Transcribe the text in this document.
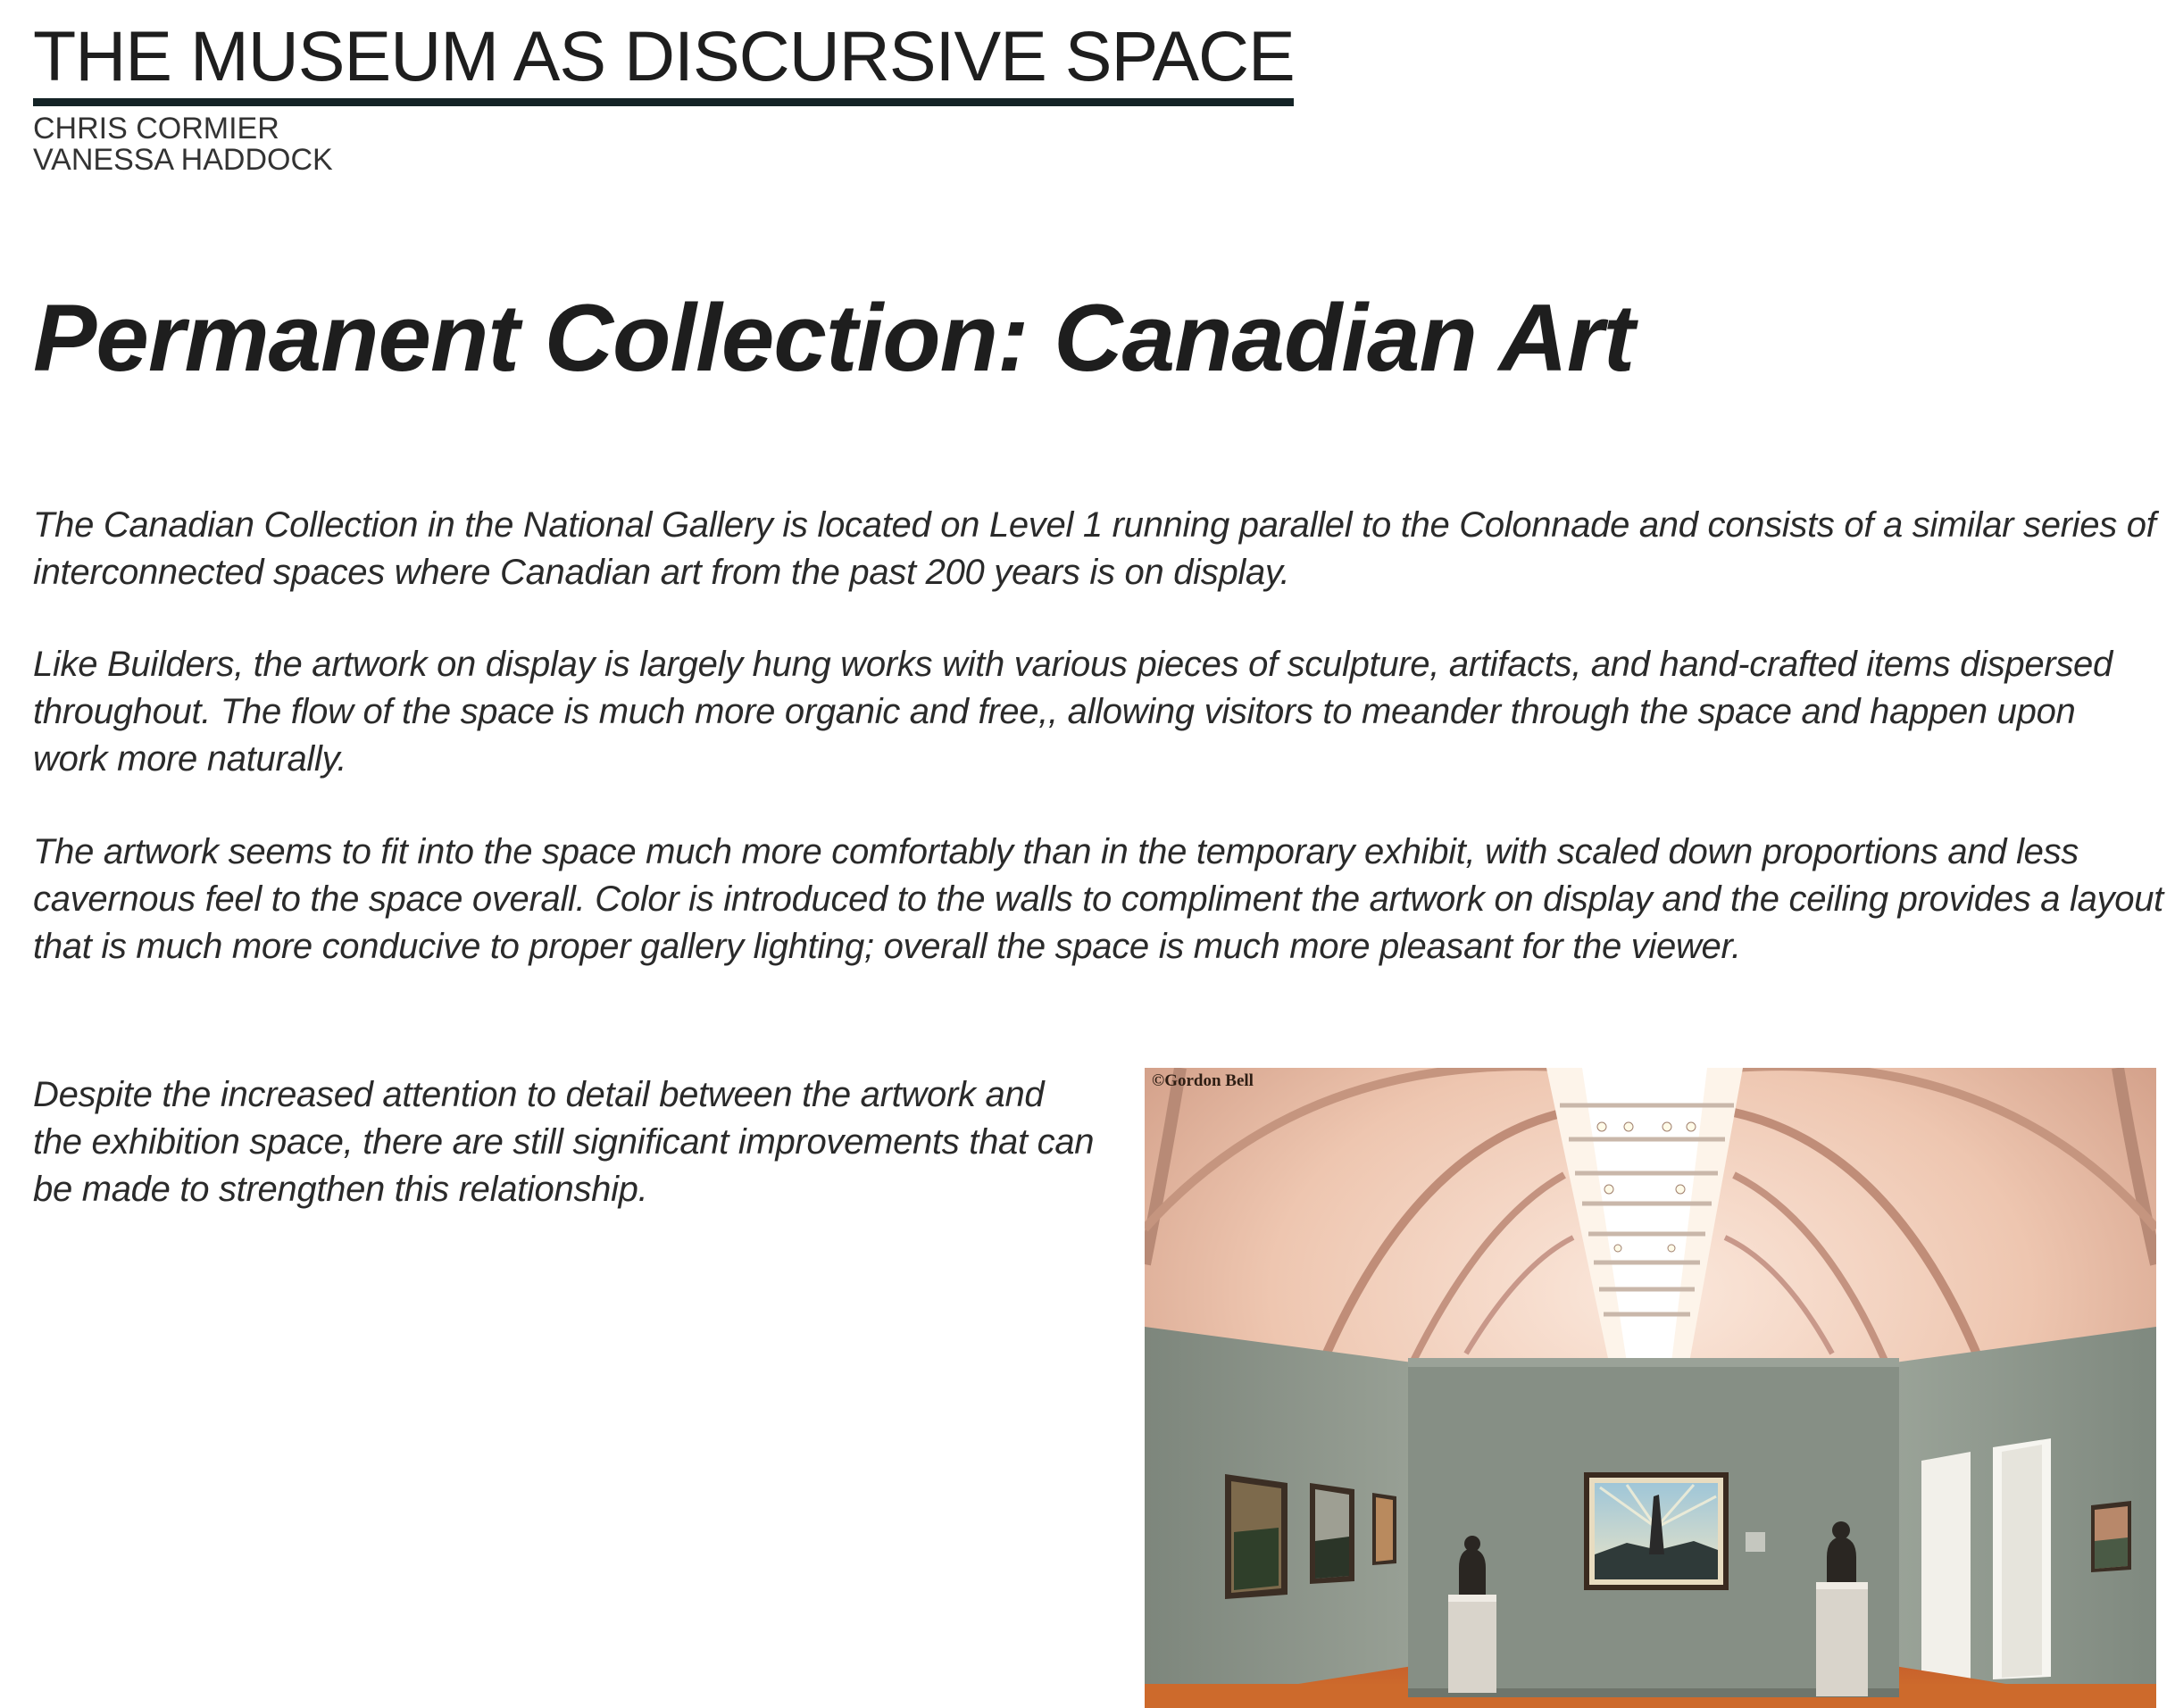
THE MUSEUM AS DISCURSIVE SPACE
CHRIS CORMIER
VANESSA HADDOCK
Permanent Collection: Canadian Art

The Canadian Collection in the National Gallery is located on Level 1 running parallel to the Colonnade and consists of a similar series of interconnected spaces where Canadian art from the past 200 years is on display.

Like Builders, the artwork on display is largely hung works with various pieces of sculpture, artifacts, and hand-crafted items dispersed throughout. The flow of the space is much more organic and free,, allowing visitors to meander through the space and happen upon work more naturally.

The artwork seems to fit into the space much more comfortably than in the temporary exhibit, with scaled down proportions and less cavernous feel to the space overall. Color is introduced to the walls to compliment the artwork on display and the ceiling provides a layout that is much more conducive to proper gallery lighting; overall the space is much more pleasant for the viewer.

Despite the increased attention to detail between the artwork and the exhibition space, there are still significant improvements that can be made to strengthen this relationship.

©Gordon Bell
